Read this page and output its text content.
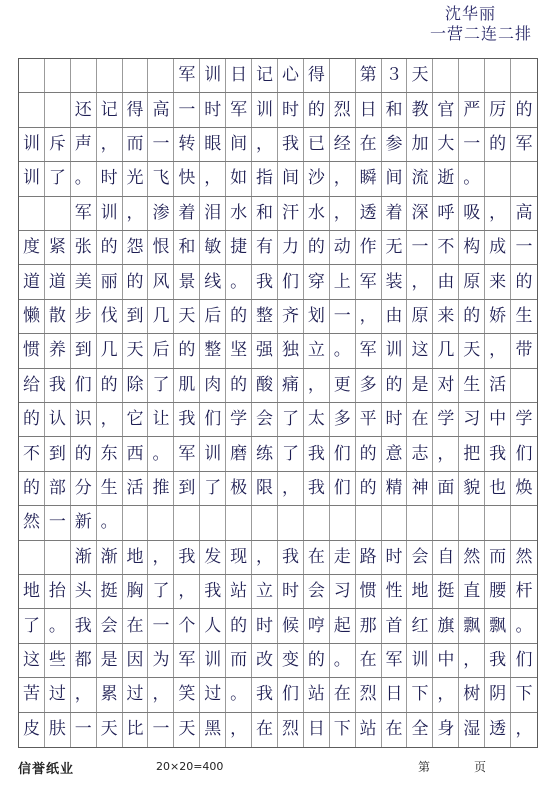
沈华丽
一营二连二排
军 训 日 记 心 得 第 ３ 天
还 记 得 高 一 时 军 训 时 的 烈 日 和 教 官 严 厉 的
训 斥 声 ， 而 一 转 眼 间 ， 我 已 经 在 参 加 大 一 的 军
训 了 。 时 光 飞 快 ， 如 指 间 沙 ， 瞬 间 流 逝 。
军 训 ， 渗 着 泪 水 和 汗 水 ， 透 着 深 呼 吸 ， 高
度 紧 张 的 怨 恨 和 敏 捷 有 力 的 动 作 无 一 不 构 成 一
道 道 美 丽 的 风 景 线 。 我 们 穿 上 军 装 ， 由 原 来 的
懒 散 步 伐 到 几 天 后 的 整 齐 划 一 ， 由 原 来 的 娇 生
惯 养 到 几 天 后 的 整 坚 强 独 立 。 军 训 这 几 天 ， 带
给 我 们 的 除 了 肌 肉 的 酸 痛 ， 更 多 的 是 对 生 活
的 认 识 ， 它 让 我 们 学 会 了 太 多 平 时 在 学 习 中 学
不 到 的 东 西 。 军 训 磨 练 了 我 们 的 意 志 ， 把 我 们
的 部 分 生 活 推 到 了 极 限 ， 我 们 的 精 神 面 貌 也 焕
然 一 新 。
渐 渐 地 ， 我 发 现 ， 我 在 走 路 时 会 自 然 而 然
地 抬 头 挺 胸 了 ， 我 站 立 时 会 习 惯 性 地 挺 直 腰 杆
了 。 我 会 在 一 个 人 的 时 候 哼 起 那 首 红 旗 飘 飘 。
这 些 都 是 因 为 军 训 而 改 变 的 。 在 军 训 中 ， 我 们
苦 过 ， 累 过 ， 笑 过 。 我 们 站 在 烈 日 下 ， 树 阴 下
皮 肤 一 天 比 一 天 黑 ， 在 烈 日 下 站 在 全 身 湿 透 ，
信誉纸业	20×20=400	第	页
